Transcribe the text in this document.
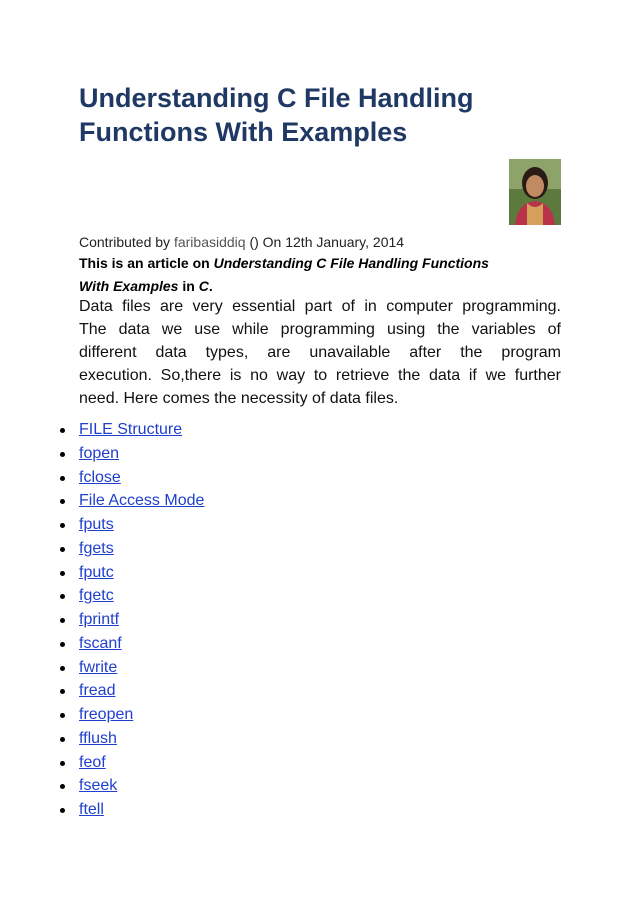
Understanding C File Handling
Functions With Examples
Contributed by faribasiddiq () On 12th January, 2014
This is an article on Understanding C File Handling Functions
With Examples in C.
Data files are very essential part of in computer programming.
The data we use while programming using the variables of
different data types, are unavailable after the program
execution. So,there is no way to retrieve the data if we further
need. Here comes the necessity of data files.
FILE Structure
fopen
fclose
File Access Mode
fputs
fgets
fputc
fgetc
fprintf
fscanf
fwrite
fread
freopen
fflush
feof
fseek
ftell
